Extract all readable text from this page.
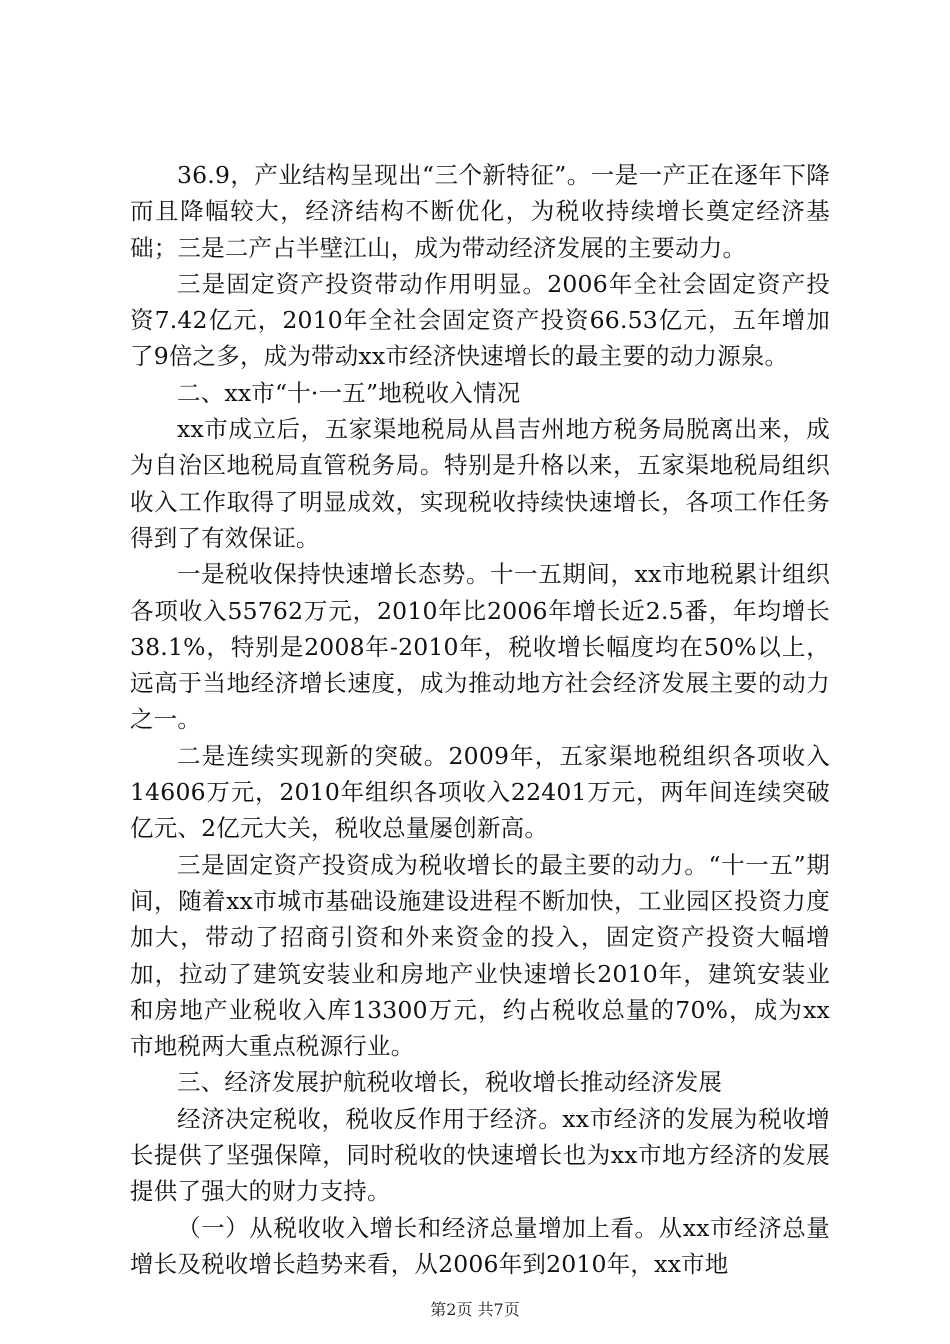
36.9，产业结构呈现出“三个新特征”。一是一产正在逐年下降而且降幅较大，经济结构不断优化，为税收持续增长奠定经济基础；三是二产占半壁江山，成为带动经济发展的主要动力。

三是固定资产投资带动作用明显。2006年全社会固定资产投资7.42亿元，2010年全社会固定资产投资66.53亿元，五年增加了9倍之多，成为带动xx市经济快速增长的最主要的动力源泉。

二、xx市“十·一五”地税收入情况

xx市成立后，五家渠地税局从昌吉州地方税务局脱离出来，成为自治区地税局直管税务局。特别是升格以来，五家渠地税局组织收入工作取得了明显成效，实现税收持续快速增长，各项工作任务得到了有效保证。

一是税收保持快速增长态势。十一五期间，xx市地税累计组织各项收入55762万元，2010年比2006年增长近2.5番，年均增长38.1%，特别是2008年-2010年，税收增长幅度均在50%以上，远高于当地经济增长速度，成为推动地方社会经济发展主要的动力之一。

二是连续实现新的突破。2009年，五家渠地税组织各项收入14606万元，2010年组织各项收入22401万元，两年间连续突破亿元、2亿元大关，税收总量屡创新高。

三是固定资产投资成为税收增长的最主要的动力。“十一五”期间，随着xx市城市基础设施建设进程不断加快，工业园区投资力度加大，带动了招商引资和外来资金的投入，固定资产投资大幅增加，拉动了建筑安装业和房地产业快速增长2010年，建筑安装业和房地产业税收入库13300万元，约占税收总量的70%，成为xx市地税两大重点税源行业。

三、经济发展护航税收增长，税收增长推动经济发展

经济决定税收，税收反作用于经济。xx市经济的发展为税收增长提供了坚强保障，同时税收的快速增长也为xx市地方经济的发展提供了强大的财力支持。

（一）从税收收入增长和经济总量增加上看。从xx市经济总量增长及税收增长趋势来看，从2006年到2010年，xx市地

第2页 共7页
